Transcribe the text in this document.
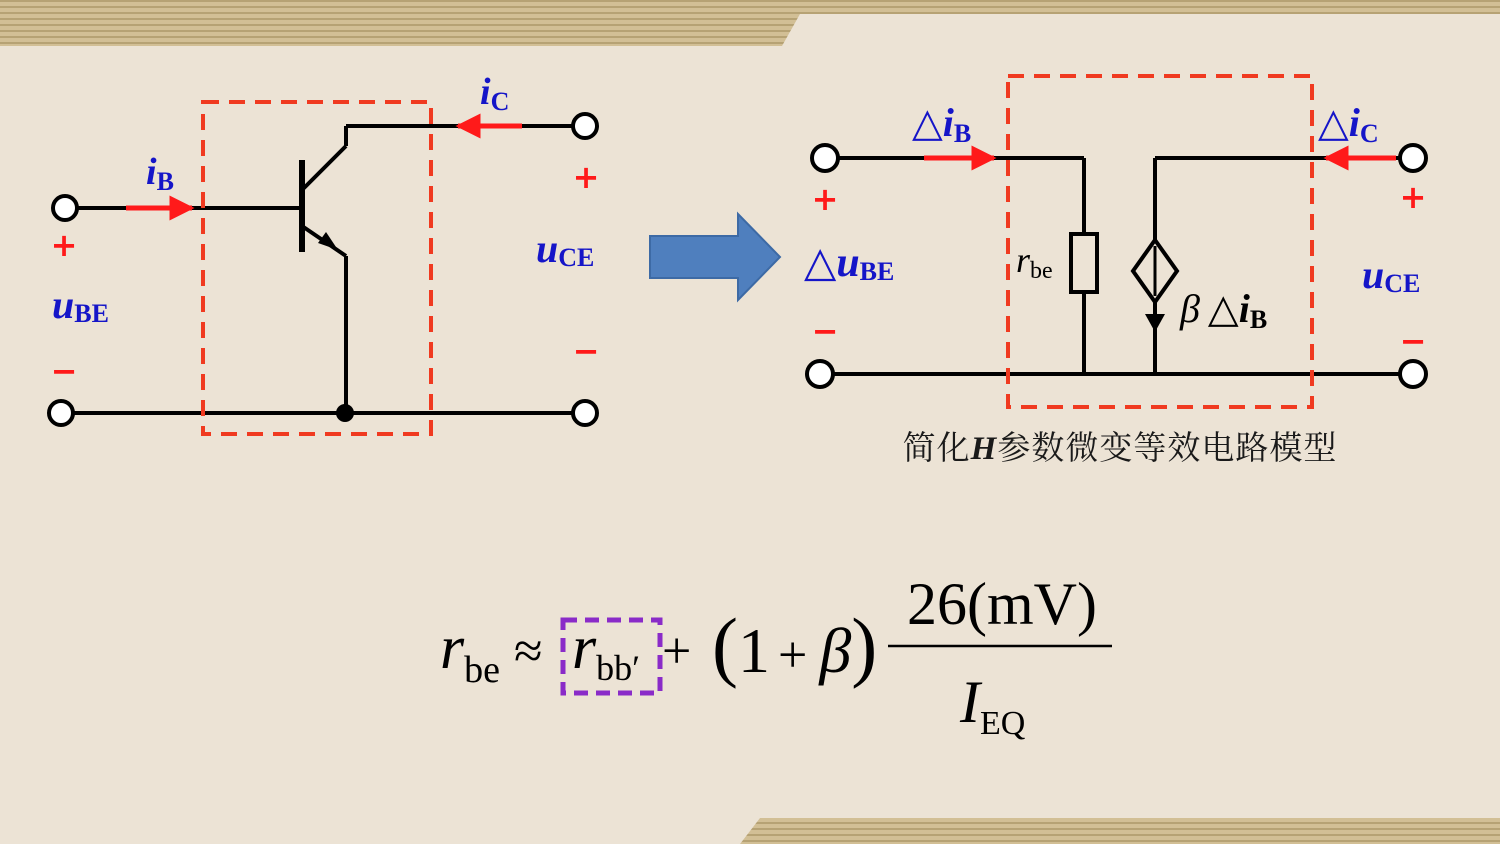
iB
iC
uBE
uCE
+
−
+
−
△iB	△iC
△uBE	uCE
rbe
β △iB
+
−
+
−
$r_{be} \approx rbb' + (1 + \beta)$ 26(mV)
$I_{EQ}$
简化H参数微变等效电路模型
